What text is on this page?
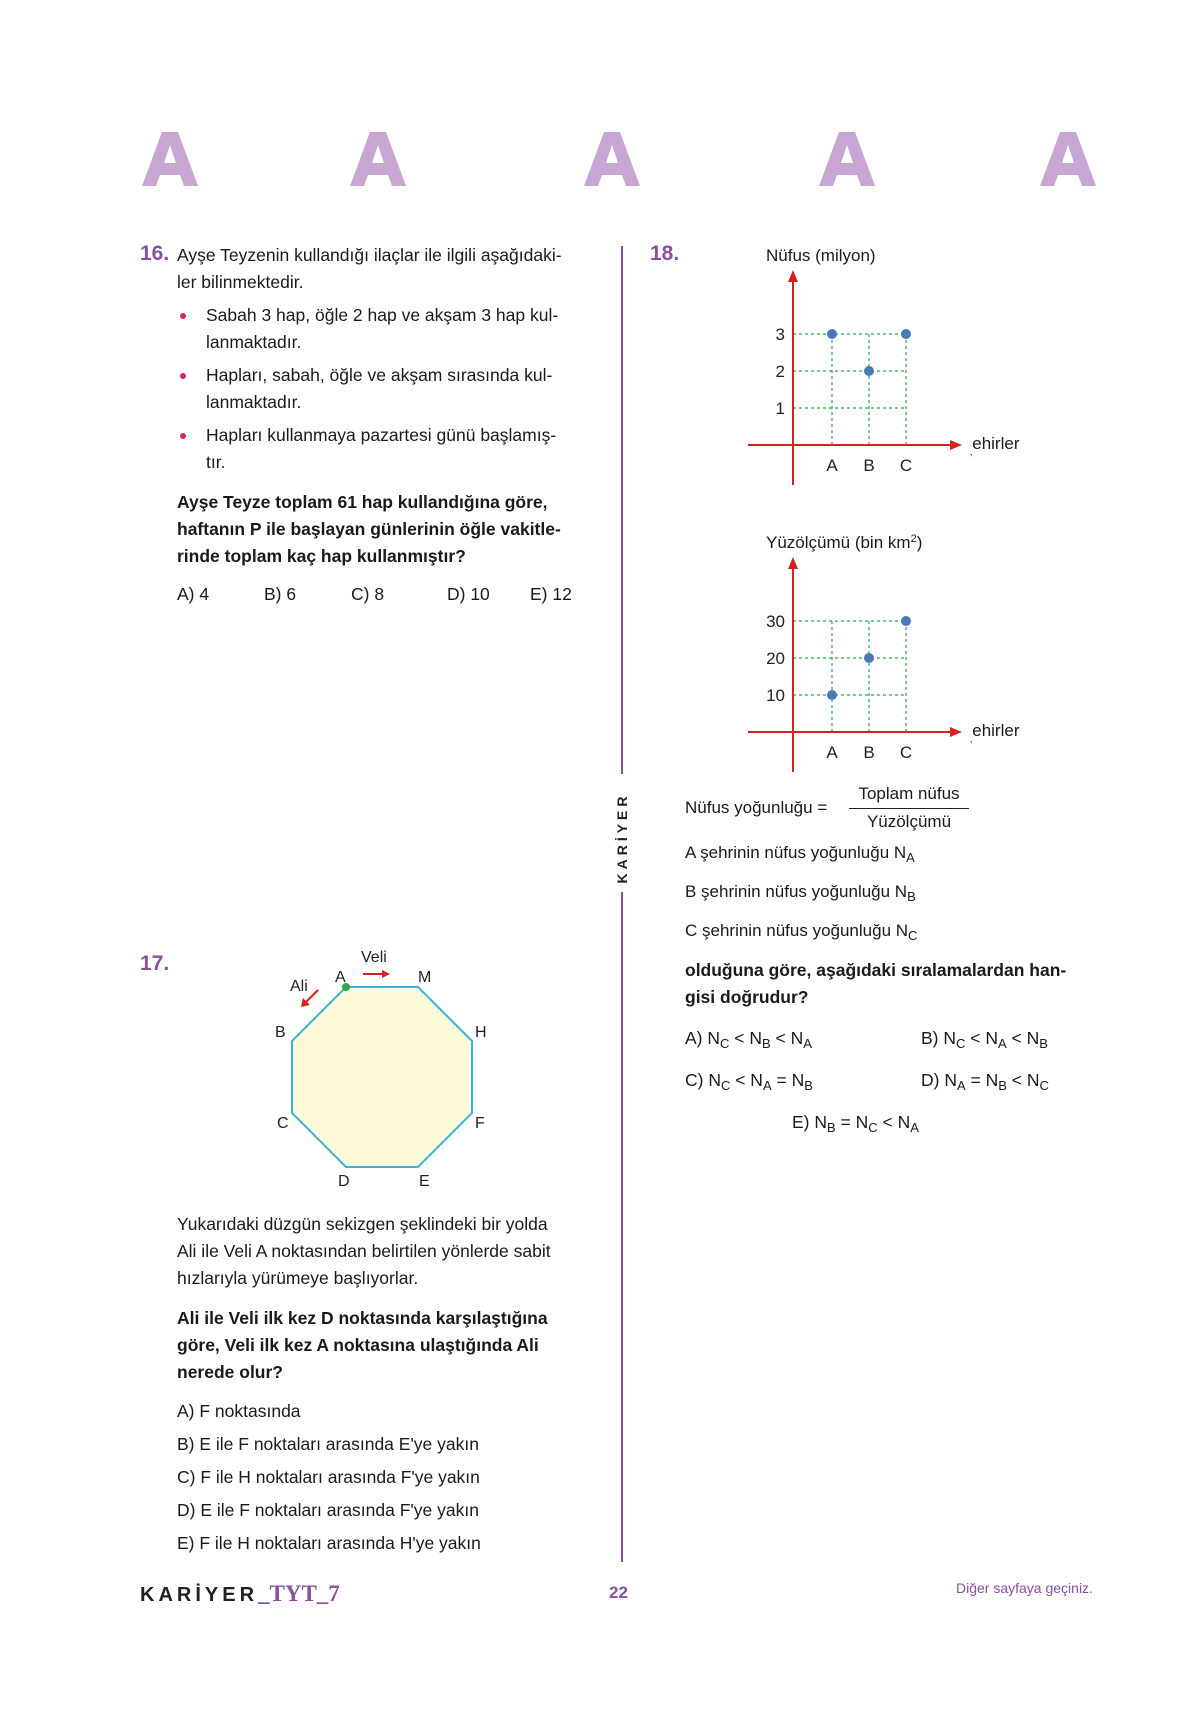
KARİYER
16. Ayşe Teyzenin kullandığı ilaçlar ile ilgili aşağıdaki-
ler bilinmektedir.
Sabah 3 hap, öğle 2 hap ve akşam 3 hap kul-
lanmaktadır.
Hapları, sabah, öğle ve akşam sırasında kul-
lanmaktadır.
Hapları kullanmaya pazartesi günü başlamış-
tır.
Ayşe Teyze toplam 61 hap kullandığına göre,
haftanın P ile başlayan günlerinin öğle vakitle-
rinde toplam kaç hap kullanmıştır?
A) 4	B) 6	C) 8	D) 10 E) 12
17.
A	M
H
F
E
D
C
B
Veli
Ali
Yukarıdaki düzgün sekizgen şeklindeki bir yolda
Ali ile Veli A noktasından belirtilen yönlerde sabit
hızlarıyla yürümeye başlıyorlar.
Ali ile Veli ilk kez D noktasında karşılaştığına
göre, Veli ilk kez A noktasına ulaştığında Ali
nerede olur?
A) F noktasında
B) E ile F noktaları arasında E'ye yakın
C) F ile H noktaları arasında F'ye yakın
D) E ile F noktaları arasında F'ye yakın
E) F ile H noktaları arasında H'ye yakın
18.
1
2
3
A B C
10
20
30
A B C
Nüfus (milyon)
Yüzölçümü (bin $km^2$)
$_‚$ehirler
$_‚$ehirler
Nüfus yoğunluğu =
Toplam nüfus
Yüzölçümü
A şehrinin nüfus yoğunluğu $N_A$
B şehrinin nüfus yoğunluğu $N_B$
C şehrinin nüfus yoğunluğu $N_C$
olduğuna göre, aşağıdaki sıralamalardan han-
gisi doğrudur?
A) $N_C < N_B < N_A$	B) $N_C < N_A < N_B$
C) $N_C < N_A = N_B$	D) $N_A = N_B < N_C$
E) $N_B = N_C < N_A$
KARİYER_TYT_7	22	Diğer sayfaya geçiniz.
